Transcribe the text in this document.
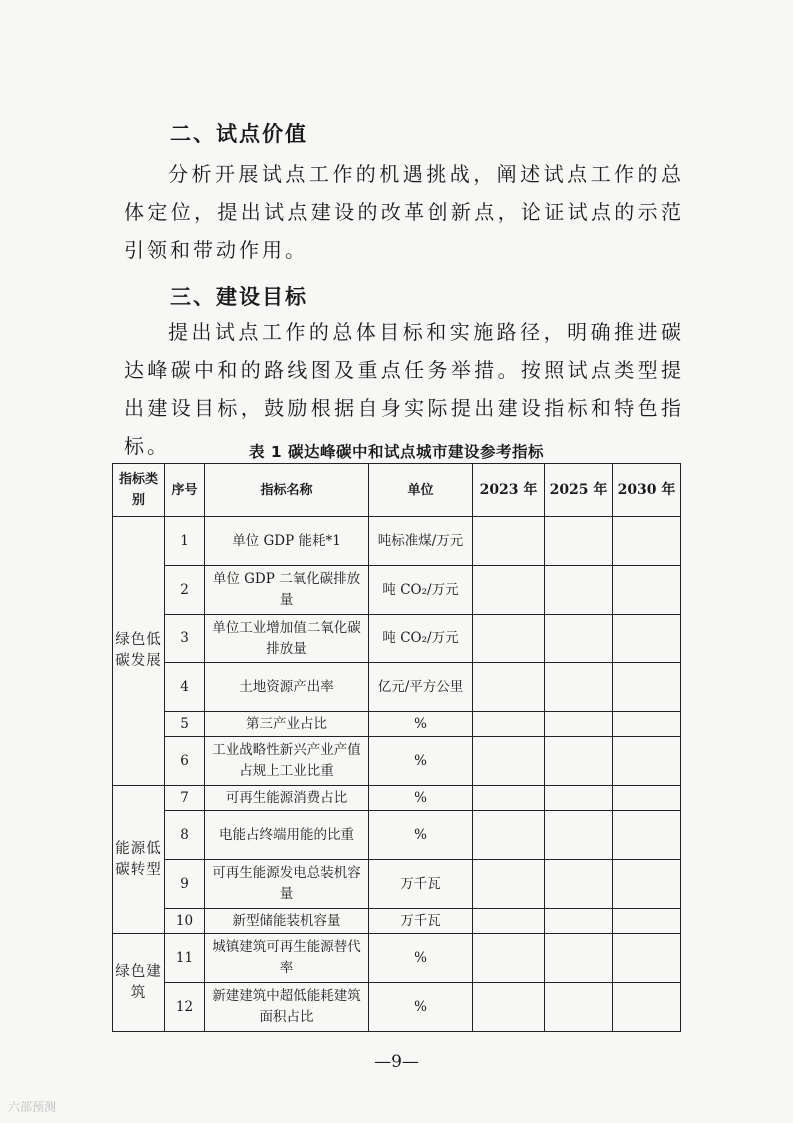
二、试点价值

分析开展试点工作的机遇挑战，阐述试点工作的总体定位，提出试点建设的改革创新点，论证试点的示范引领和带动作用。

三、建设目标

提出试点工作的总体目标和实施路径，明确推进碳达峰碳中和的路线图及重点任务举措。按照试点类型提出建设目标，鼓励根据自身实际提出建设指标和特色指标。	表 1 碳达峰碳中和试点城市建设参考指标
指标类别	序号	指标名称	单位	2023 年	2025 年	2030 年
绿色低碳发展	1	单位 GDP 能耗*1	吨标准煤/万元			
	2	单位 GDP 二氧化碳排放量	吨 CO₂/万元			
	3	单位工业增加值二氧化碳排放量	吨 CO₂/万元			
	4	土地资源产出率	亿元/平方公里			
	5	第三产业占比	%			
	6	工业战略性新兴产业产值占规上工业比重	%			
能源低碳转型	7	可再生能源消费占比	%			
	8	电能占终端用能的比重	%			
	9	可再生能源发电总装机容量	万千瓦			
	10	新型储能装机容量	万千瓦			
绿色建筑	11	城镇建筑可再生能源替代率	%			
	12	新建建筑中超低能耗建筑面积占比	%			
—9—
六部预测
